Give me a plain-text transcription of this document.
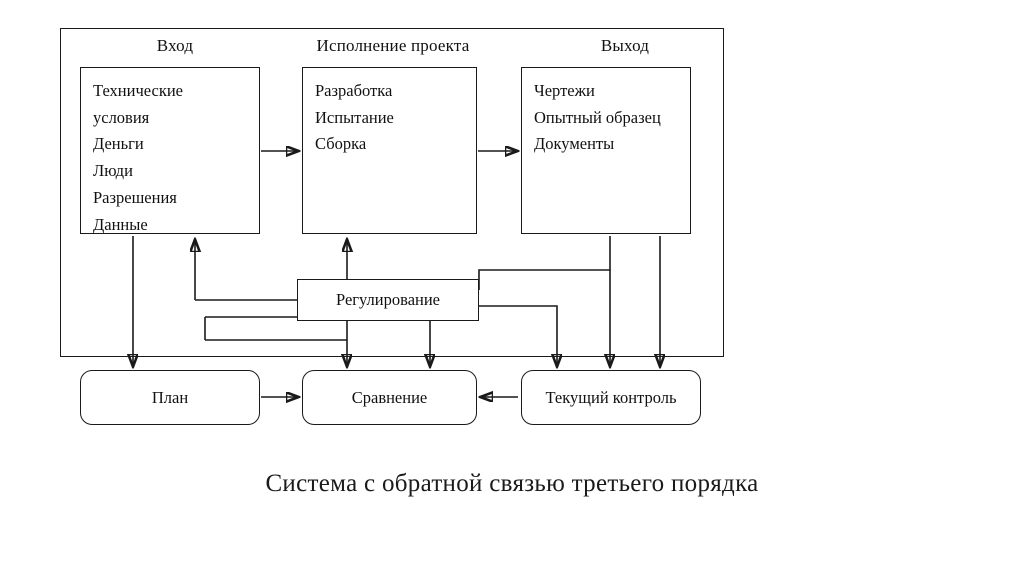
Вход	Исполнение проекта	Выход
Технические
условия
Деньги
Люди
Разрешения
Данные
Разработка
Испытание
Сборка
Чертежи
Опытный образец
Документы
Регулирование
План	Сравнение	Текущий контроль
Система с обратной связью третьего порядка
